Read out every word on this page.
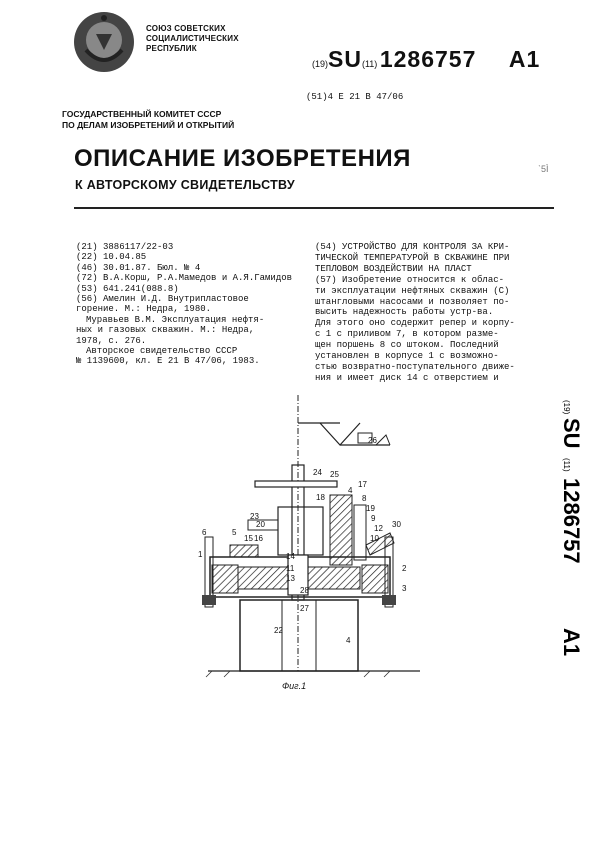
СОЮЗ СОВЕТСКИХ
СОЦИАЛИСТИЧЕСКИХ
РЕСПУБЛИК
(19)SU(11) 1286757 A1
(51)4 Е 21 В 47/06
ГОСУДАРСТВЕННЫЙ КОМИТЕТ СССР
ПО ДЕЛАМ ИЗОБРЕТЕНИЙ И ОТКРЫТИЙ
ˋ5Ì
ОПИСАНИЕ ИЗОБРЕТЕНИЯ
К АВТОРСКОМУ СВИДЕТЕЛЬСТВУ
(21) 3886117/22-03
(22) 10.04.85
(46) 30.01.87. Бюл. № 4
(72) В.А.Корш, Р.А.Мамедов и А.Я.Гамидов
(53) 641.241(088.8)
(56) Амелин И.Д. Внутрипластовое
горение. М.: Недра, 1980.
Муравьев В.М. Эксплуатация нефтя-
ных и газовых скважин. М.: Недра,
1978, с. 276.
Авторское свидетельство СССР
№ 1139600, кл. Е 21 В 47/06, 1983.
(54) УСТРОЙСТВО ДЛЯ КОНТРОЛЯ ЗА КРИ-
ТИЧЕСКОЙ ТЕМПЕРАТУРОЙ В СКВАЖИНЕ ПРИ
ТЕПЛОВОМ ВОЗДЕЙСТВИИ НА ПЛАСТ
(57) Изобретение относится к облас-
ти эксплуатации нефтяных скважин (С)
штангловыми насосами и позволяет по-
высить надежность работы устр-ва.
Для этого оно содержит репер и корпу-
с 1 с приливом 7, в котором разме-
щен поршень 8 со штоком. Последний
установлен в корпусе 1 с возможно-
стью возвратно-поступательного движе-
ния и имеет диск 14 с отверстием и
26
24 25
17
18
4
8
19
9
12
10
30
6	5
15 16
20
23
1	14
11
13
2
3
28
27
22
4
Фиг.1
(19)
SU
(11)
1286757
A1
